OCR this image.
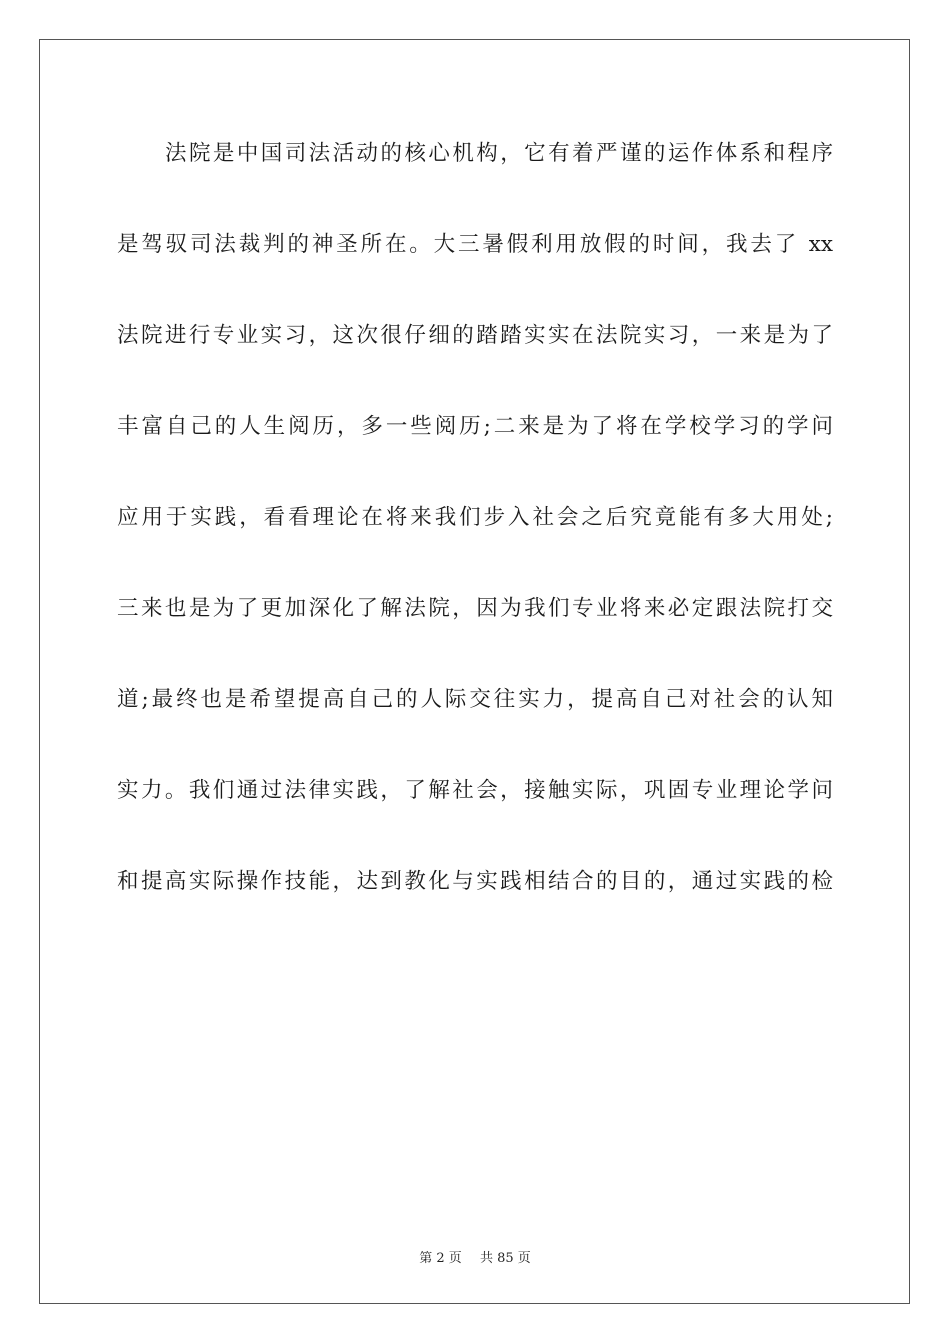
法院是中国司法活动的核心机构，它有着严谨的运作体系和程序
是驾驭司法裁判的神圣所在。大三暑假利用放假的时间，我去了 xx
法院进行专业实习，这次很仔细的踏踏实实在法院实习，一来是为了
丰富自己的人生阅历，多一些阅历;二来是为了将在学校学习的学问
应用于实践，看看理论在将来我们步入社会之后究竟能有多大用处;
三来也是为了更加深化了解法院，因为我们专业将来必定跟法院打交
道;最终也是希望提高自己的人际交往实力，提高自己对社会的认知
实力。我们通过法律实践，了解社会，接触实际，巩固专业理论学问
和提高实际操作技能，达到教化与实践相结合的目的，通过实践的检
第 2 页 共 85 页
